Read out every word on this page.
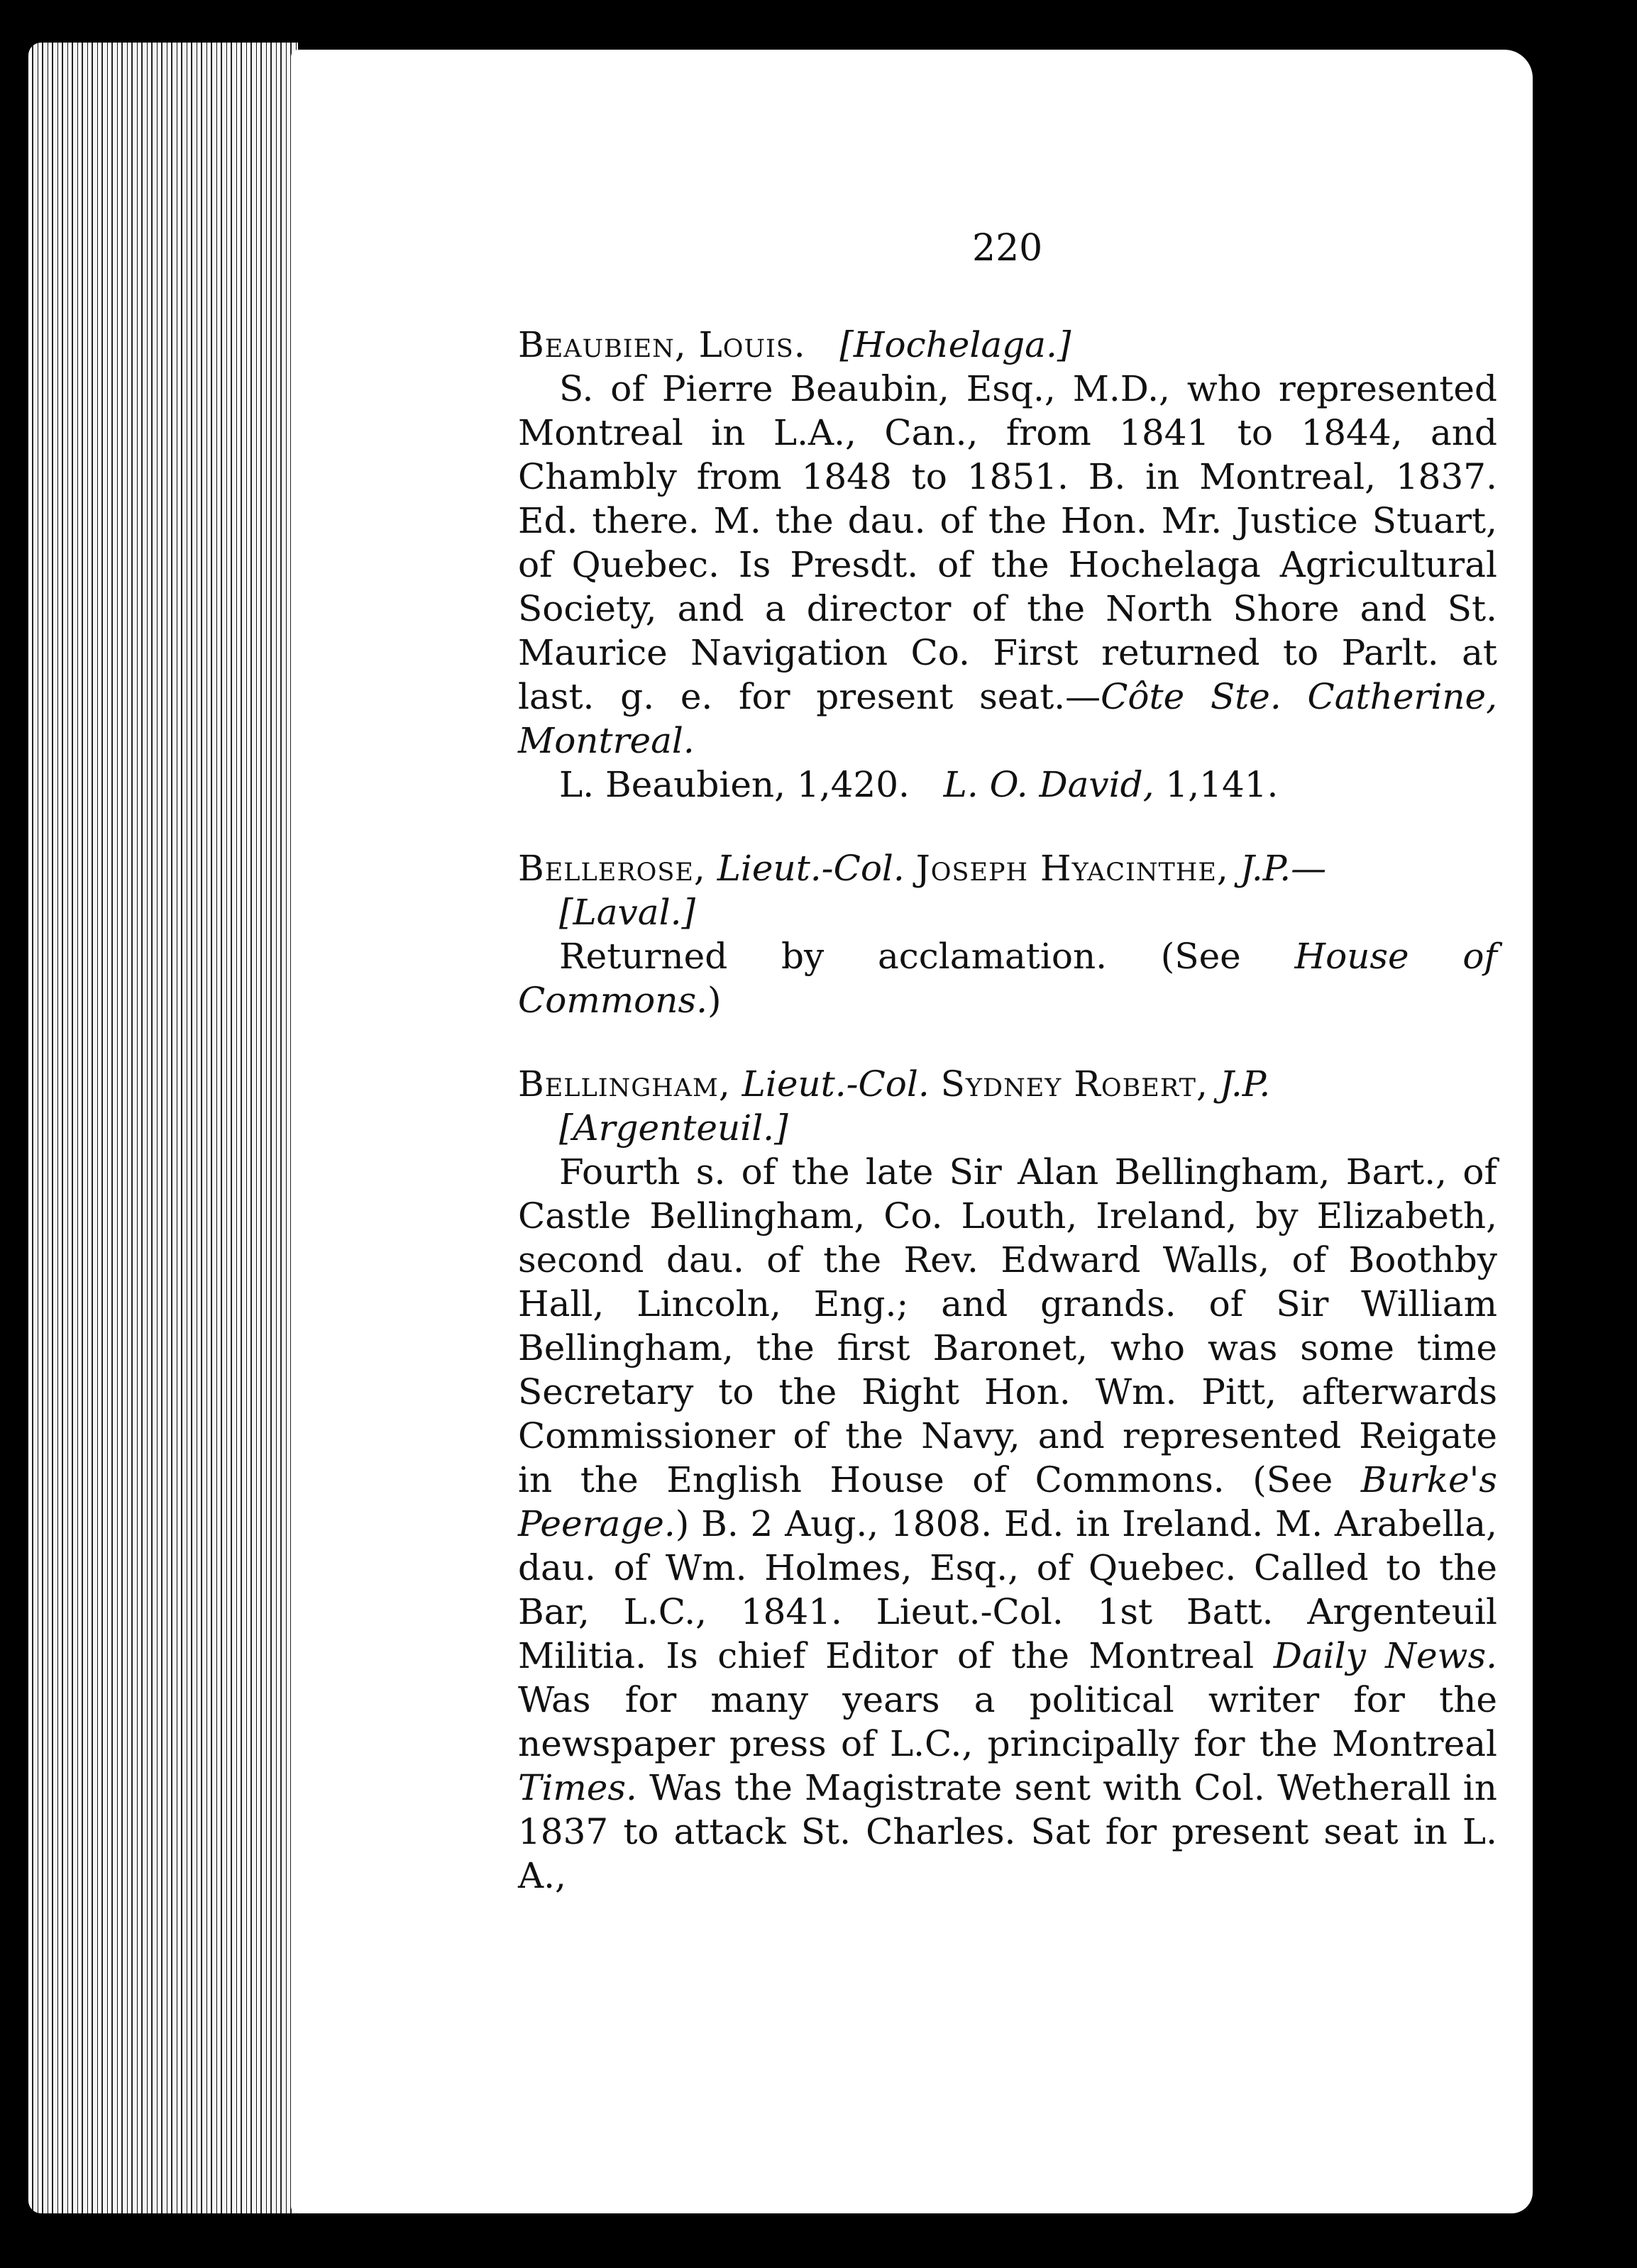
220
Beaubien, Louis. [Hochelaga.]

S. of Pierre Beaubin, Esq., M.D., who represented Montreal in L.A., Can., from 1841 to 1844, and Chambly from 1848 to 1851. B. in Montreal, 1837. Ed. there. M. the dau. of the Hon. Mr. Justice Stuart, of Quebec. Is Presdt. of the Hochelaga Agricultural Society, and a director of the North Shore and St. Maurice Navigation Co. First returned to Parlt. at last. g. e. for present seat.—Côte Ste. Catherine, Montreal.

L. Beaubien, 1,420. L. O. David, 1,141.

Bellerose, Lieut.-Col. Joseph Hyacinthe, J.P.—
[Laval.]

Returned by acclamation. (See House of Commons.)

Bellingham, Lieut.-Col. Sydney Robert, J.P.
[Argenteuil.]

Fourth s. of the late Sir Alan Bellingham, Bart., of Castle Bellingham, Co. Louth, Ireland, by Elizabeth, second dau. of the Rev. Edward Walls, of Boothby Hall, Lincoln, Eng.; and grands. of Sir William Bellingham, the first Baronet, who was some time Secretary to the Right Hon. Wm. Pitt, afterwards Commissioner of the Navy, and represented Reigate in the English House of Commons. (See Burke's Peerage.) B. 2 Aug., 1808. Ed. in Ireland. M. Arabella, dau. of Wm. Holmes, Esq., of Quebec. Called to the Bar, L.C., 1841. Lieut.-Col. 1st Batt. Argenteuil Militia. Is chief Editor of the Montreal Daily News. Was for many years a political writer for the newspaper press of L.C., principally for the Montreal Times. Was the Magistrate sent with Col. Wetherall in 1837 to attack St. Charles. Sat for present seat in L. A.,
